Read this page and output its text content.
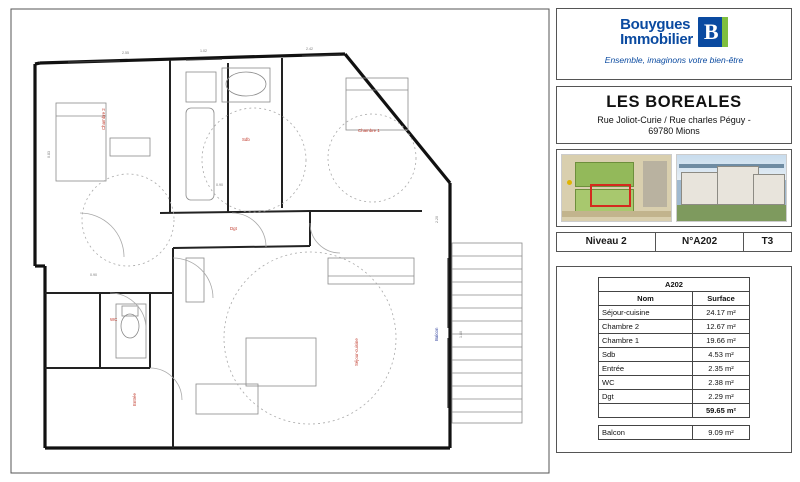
Chambre 2
Sdb
Chambre 1
Dgt
WC
Entrée
Séjour-cuisine
Balcon
2.55	1.02	2.42
0.90
0.83
2.20
1.80
0.90
Bouygues
Immobilier B
Ensemble, imaginons votre bien-être
LES BOREALES
Rue Joliot-Curie / Rue charles Péguy -
69780 Mions
Niveau 2	N°A202	T3
A202	
Nom	Surface
Séjour-cuisine	24.17 m²
Chambre 2	12.67 m²
Chambre 1	19.66 m²
Sdb	4.53 m²
Entrée	2.35 m²
WC	2.38 m²
Dgt	2.29 m²
	59.65 m²
Balcon	9.09 m²
